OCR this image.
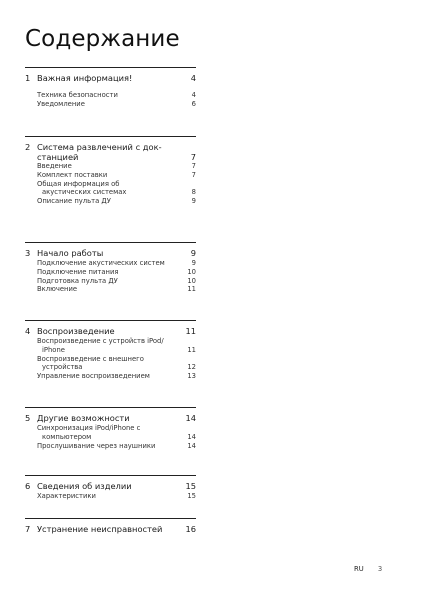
Содержание
1 Важная информация!	4
Техника безопасности	4
Уведомление	6
2 Система развлечений с док-
станцией	7
Введение	7
Комплект поставки	7
Общая информация об
акустических системах	8
Описание пульта ДУ	9
3 Начало работы	9
Подключение акустических систем	9
Подключение питания	10
Подготовка пульта ДУ	10
Включение	11
4 Воспроизведение	11
Воспроизведение с устройств iPod/
iPhone	11
Воспроизведение с внешнего
устройства	12
Управление воспроизведением	13
5 Другие возможности	14
Синхронизация iPod/iPhone с
компьютером	14
Прослушивание через наушники	14
6 Сведения об изделии	15
Характеристики	15
7 Устранение неисправностей	16
RU 3
